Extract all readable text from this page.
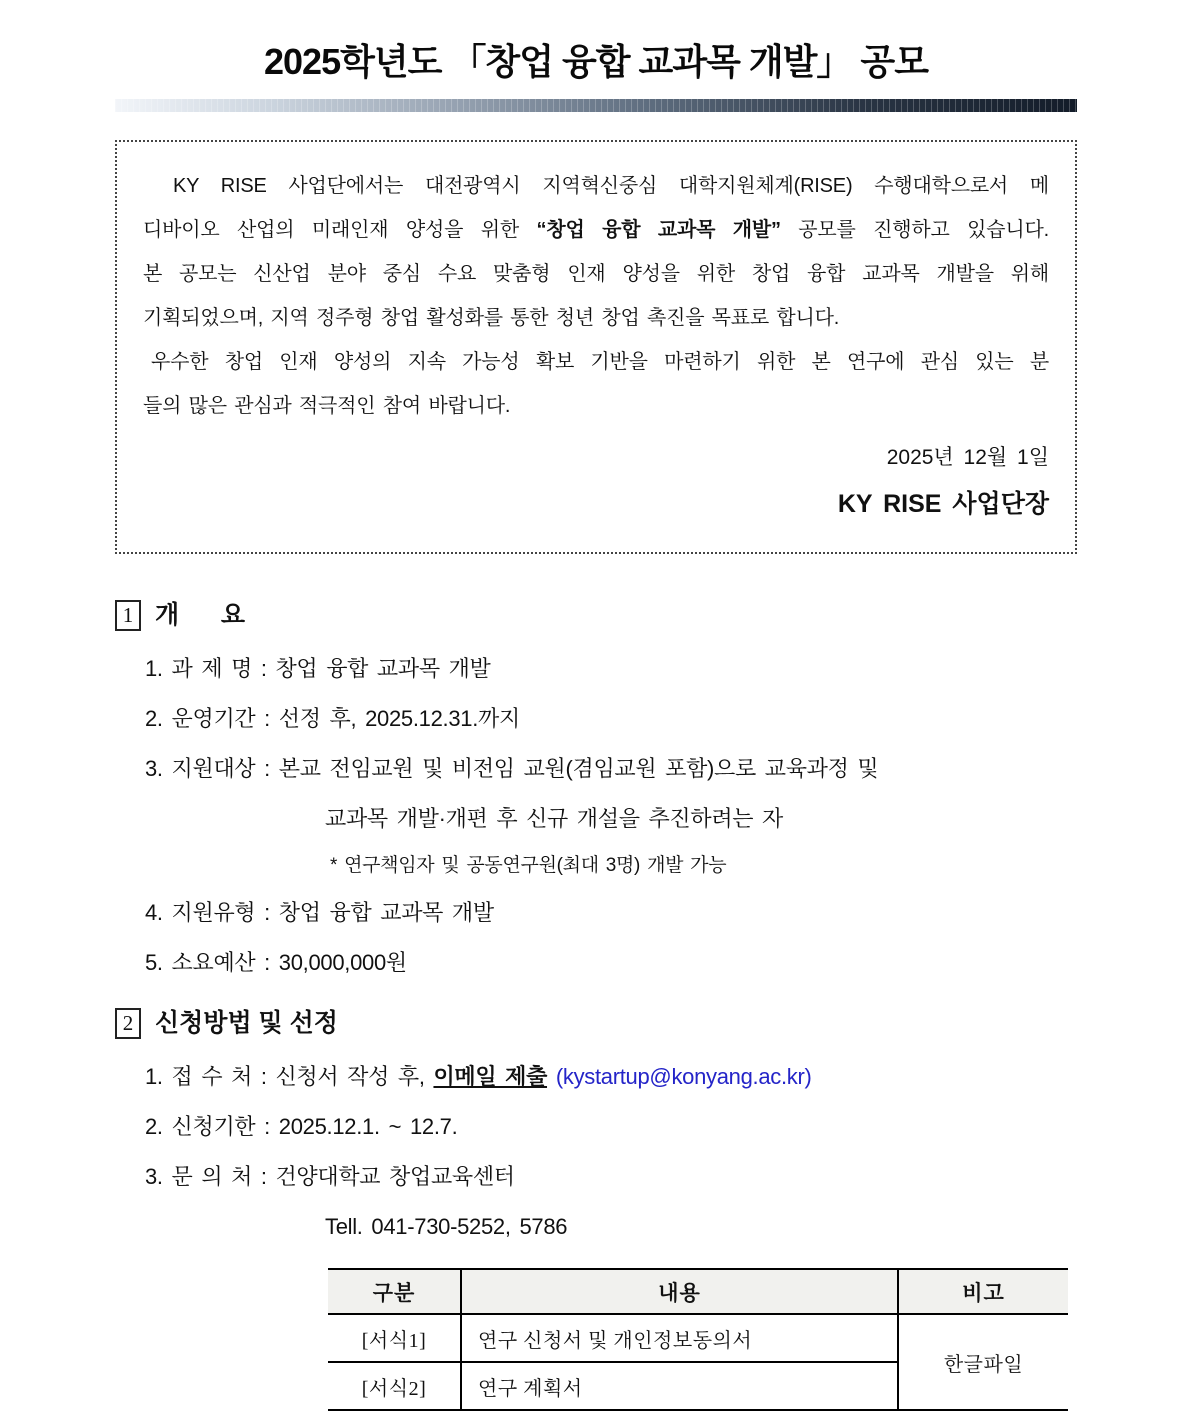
2025학년도 「창업 융합 교과목 개발」 공모
KY RISE 사업단에서는 대전광역시 지역혁신중심 대학지원체계(RISE) 수행대학으로서 메
디바이오 산업의 미래인재 양성을 위한 “창업 융합 교과목 개발” 공모를 진행하고 있습니다.
본 공모는 신산업 분야 중심 수요 맞춤형 인재 양성을 위한 창업 융합 교과목 개발을 위해
기획되었으며, 지역 정주형 창업 활성화를 통한 청년 창업 촉진을 목표로 합니다.
우수한 창업 인재 양성의 지속 가능성 확보 기반을 마련하기 위한 본 연구에 관심 있는 분
들의 많은 관심과 적극적인 참여 바랍니다.
2025년 12월 1일
KY RISE 사업단장
1 개      요
1. 과 제 명 : 창업 융합 교과목 개발
2. 운영기간 : 선정 후, 2025.12.31.까지
3. 지원대상 : 본교 전임교원 및 비전임 교원(겸임교원 포함)으로 교육과정 및
교과목 개발·개편 후 신규 개설을 추진하려는 자
* 연구책임자 및 공동연구원(최대 3명) 개발 가능
4. 지원유형 : 창업 융합 교과목 개발
5. 소요예산 : 30,000,000원
2 신청방법 및 선정
1. 접 수 처 : 신청서 작성 후, 이메일 제출 (kystartup@konyang.ac.kr)
2. 신청기한 : 2025.12.1. ~ 12.7.
3. 문 의 처 : 건양대학교 창업교육센터
Tell. 041-730-5252, 5786
구분	내용	비고
[서식1]	연구 신청서 및 개인정보동의서	한글파일
[서식2]	연구 계획서	
